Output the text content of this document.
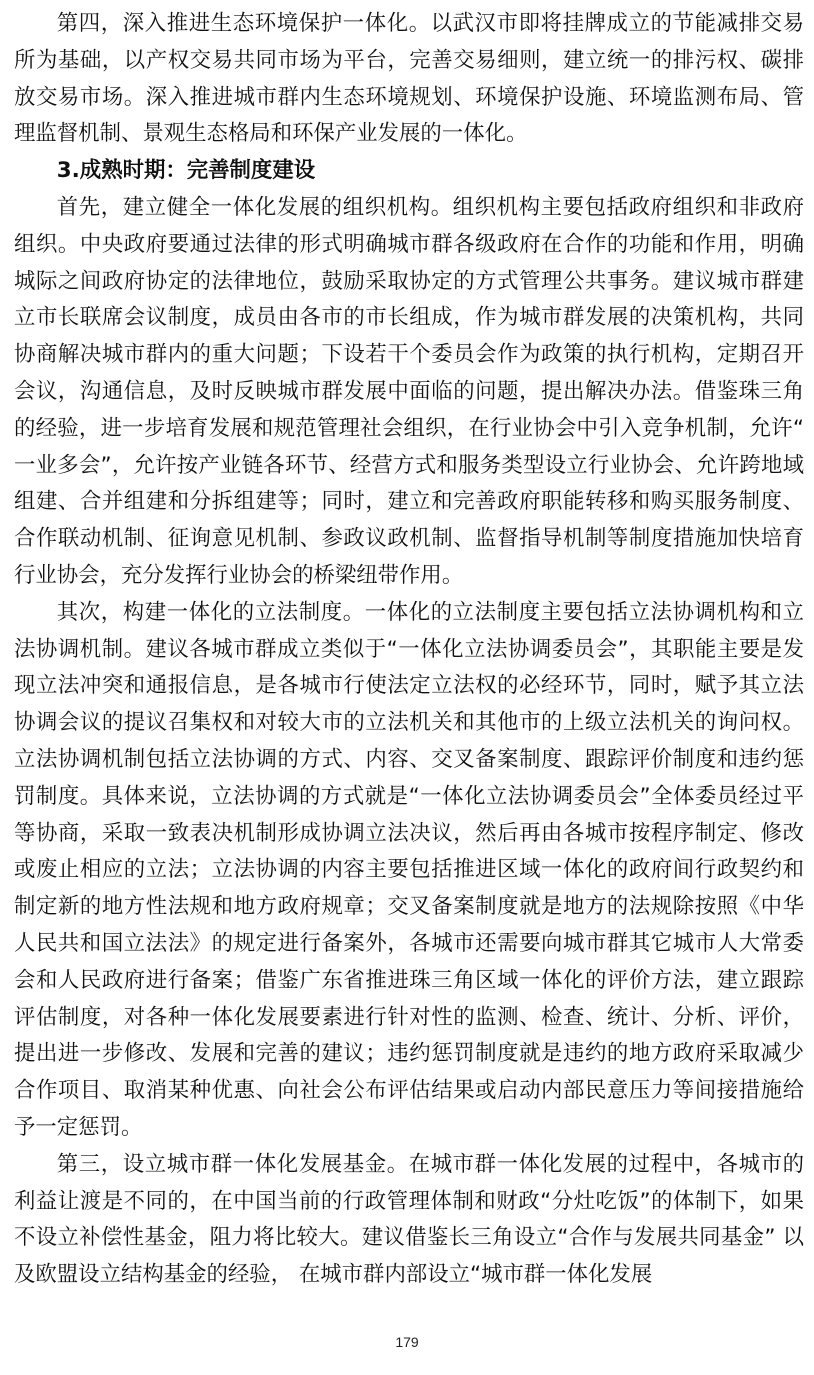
第四，深入推进生态环境保护一体化。以武汉市即将挂牌成立的节能减排交易所为基础，以产权交易共同市场为平台，完善交易细则，建立统一的排污权、碳排放交易市场。深入推进城市群内生态环境规划、环境保护设施、环境监测布局、管理监督机制、景观生态格局和环保产业发展的一体化。

3.成熟时期：完善制度建设

首先，建立健全一体化发展的组织机构。组织机构主要包括政府组织和非政府组织。中央政府要通过法律的形式明确城市群各级政府在合作的功能和作用，明确城际之间政府协定的法律地位，鼓励采取协定的方式管理公共事务。建议城市群建立市长联席会议制度，成员由各市的市长组成，作为城市群发展的决策机构，共同协商解决城市群内的重大问题；下设若干个委员会作为政策的执行机构，定期召开会议，沟通信息，及时反映城市群发展中面临的问题，提出解决办法。借鉴珠三角的经验，进一步培育发展和规范管理社会组织，在行业协会中引入竞争机制，允许“一业多会”，允许按产业链各环节、经营方式和服务类型设立行业协会、允许跨地域组建、合并组建和分拆组建等；同时，建立和完善政府职能转移和购买服务制度、合作联动机制、征询意见机制、参政议政机制、监督指导机制等制度措施加快培育行业协会，充分发挥行业协会的桥梁纽带作用。

其次，构建一体化的立法制度。一体化的立法制度主要包括立法协调机构和立法协调机制。建议各城市群成立类似于“一体化立法协调委员会”，其职能主要是发现立法冲突和通报信息，是各城市行使法定立法权的必经环节，同时，赋予其立法协调会议的提议召集权和对较大市的立法机关和其他市的上级立法机关的询问权。立法协调机制包括立法协调的方式、内容、交叉备案制度、跟踪评价制度和违约惩罚制度。具体来说，立法协调的方式就是“一体化立法协调委员会”全体委员经过平等协商，采取一致表决机制形成协调立法决议，然后再由各城市按程序制定、修改或废止相应的立法；立法协调的内容主要包括推进区域一体化的政府间行政契约和制定新的地方性法规和地方政府规章；交叉备案制度就是地方的法规除按照《中华人民共和国立法法》的规定进行备案外，各城市还需要向城市群其它城市人大常委会和人民政府进行备案；借鉴广东省推进珠三角区域一体化的评价方法，建立跟踪评估制度，对各种一体化发展要素进行针对性的监测、检查、统计、分析、评价，提出进一步修改、发展和完善的建议；违约惩罚制度就是违约的地方政府采取减少合作项目、取消某种优惠、向社会公布评估结果或启动内部民意压力等间接措施给予一定惩罚。

第三，设立城市群一体化发展基金。在城市群一体化发展的过程中，各城市的利益让渡是不同的，在中国当前的行政管理体制和财政“分灶吃饭”的体制下，如果不设立补偿性基金，阻力将比较大。建议借鉴长三角设立“合作与发展共同基金” 以及欧盟设立结构基金的经验， 在城市群内部设立“城市群一体化发展

179
